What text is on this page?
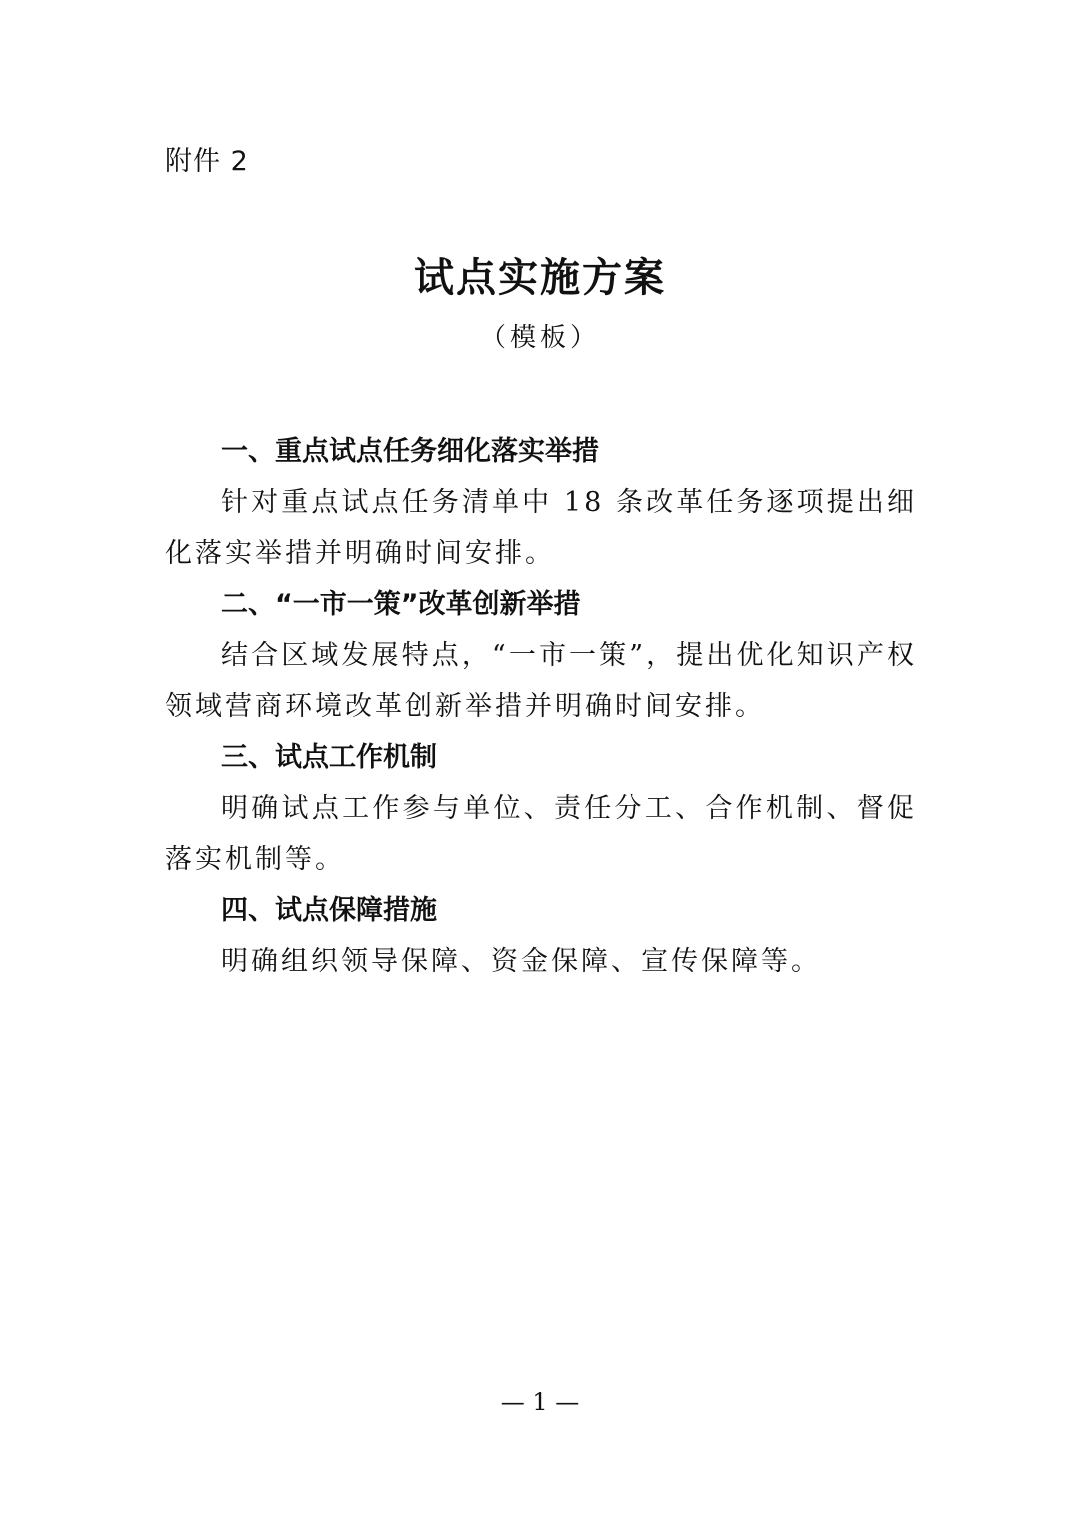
附件 2
试点实施方案
（模板）
一、重点试点任务细化落实举措

针对重点试点任务清单中 18 条改革任务逐项提出细化落实举措并明确时间安排。

二、“一市一策”改革创新举措

结合区域发展特点，“一市一策”，提出优化知识产权领域营商环境改革创新举措并明确时间安排。

三、试点工作机制

明确试点工作参与单位、责任分工、合作机制、督促落实机制等。

四、试点保障措施

明确组织领导保障、资金保障、宣传保障等。

— 1 —
